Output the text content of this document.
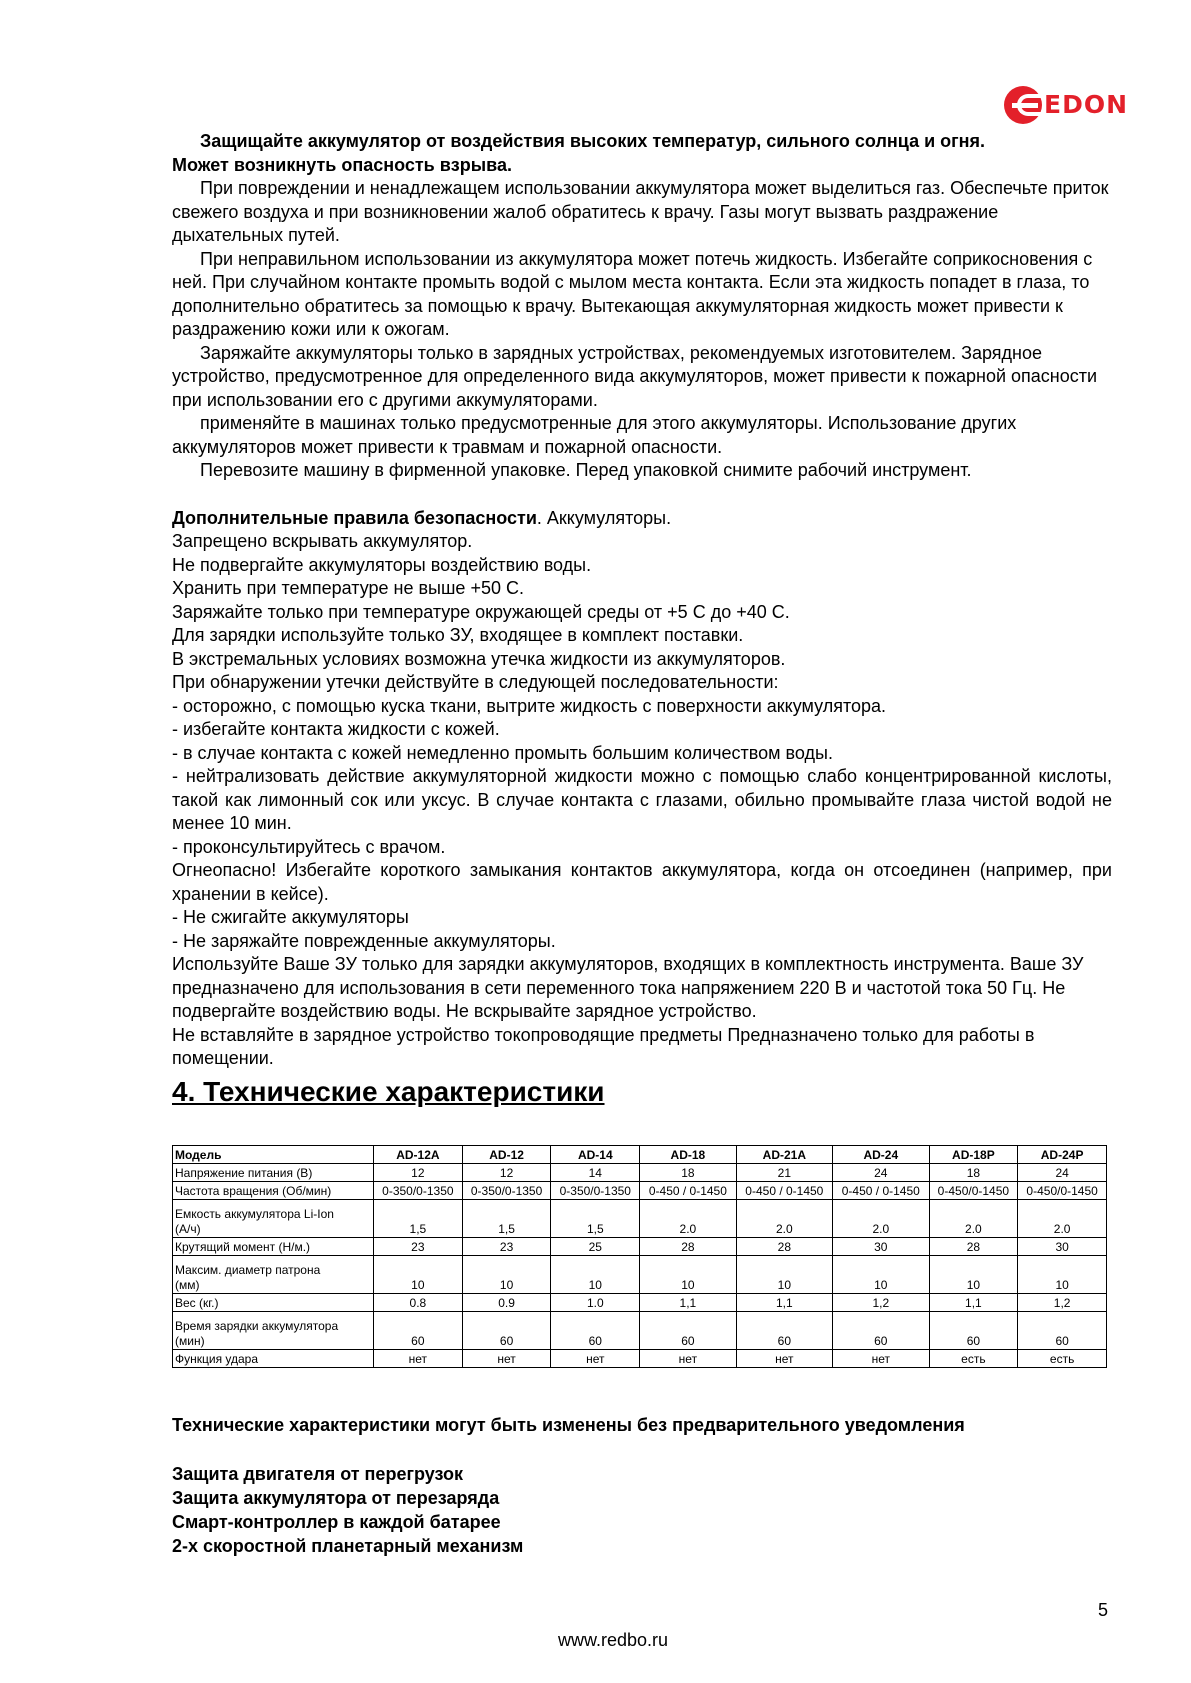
EDON

Защищайте аккумулятор от воздействия высоких температур, сильного солнца и огня.

Может возникнуть опасность взрыва.

При повреждении и ненадлежащем использовании аккумулятора может выделиться газ. Обеспечьте приток свежего воздуха и при возникновении жалоб обратитесь к врачу. Газы могут вызвать раздражение дыхательных путей.

При неправильном использовании из аккумулятора может потечь жидкость. Избегайте соприкосновения с ней. При случайном контакте промыть водой с мылом места контакта. Если эта жидкость попадет в глаза, то дополнительно обратитесь за помощью к врачу. Вытекающая аккумуляторная жидкость может привести к раздражению кожи или к ожогам.

Заряжайте аккумуляторы только в зарядных устройствах, рекомендуемых изготовителем. Зарядное устройство, предусмотренное для определенного вида аккумуляторов, может привести к пожарной опасности при использовании его с другими аккумуляторами.

применяйте в машинах только предусмотренные для этого аккумуляторы. Использование других аккумуляторов может привести к травмам и пожарной опасности.

Перевозите машину в фирменной упаковке. Перед упаковкой снимите рабочий инструмент.

Дополнительные правила безопасности. Аккумуляторы.

Запрещено вскрывать аккумулятор.

Не подвергайте аккумуляторы воздействию воды.

Хранить при температуре не выше +50 С.

Заряжайте только при температуре окружающей среды от +5 С до +40 С.

Для зарядки используйте только ЗУ, входящее в комплект поставки.

В экстремальных условиях возможна утечка жидкости из аккумуляторов.

При обнаружении утечки действуйте в следующей последовательности:

- осторожно, с помощью куска ткани, вытрите жидкость с поверхности аккумулятора.

- избегайте контакта жидкости с кожей.

- в случае контакта с кожей немедленно промыть большим количеством воды.

- нейтрализовать действие аккумуляторной жидкости можно с помощью слабо концентрированной кислоты, такой как лимонный сок или уксус. В случае контакта с глазами, обильно промывайте глаза чистой водой не менее 10 мин.

- проконсультируйтесь с врачом.

Огнеопасно! Избегайте короткого замыкания контактов аккумулятора, когда он отсоединен (например, при хранении в кейсе).

- Не сжигайте аккумуляторы

- Не заряжайте поврежденные аккумуляторы.

Используйте Ваше ЗУ только для зарядки аккумуляторов, входящих в комплектность инструмента. Ваше ЗУ предназначено для использования в сети переменного тока напряжением 220 В и частотой тока 50 Гц. Не подвергайте воздействию воды. Не вскрывайте зарядное устройство.

Не вставляйте в зарядное устройство токопроводящие предметы Предназначено только для работы в помещении.

4. Технические характеристики
Модель	AD-12A	AD-12	AD-14	AD-18	AD-21A	AD-24	AD-18P	AD-24P
Напряжение питания (В)	12	12	14	18	21	24	18	24
Частота вращения (Об/мин)	0-350/0-1350	0-350/0-1350	0-350/0-1350	0-450 / 0-1450	0-450 / 0-1450	0-450 / 0-1450	0-450/0-1450	0-450/0-1450

Емкость аккумулятора Li-Ion
(А/ч)	1,5	1,5	1,5	2.0	2.0	2.0	2.0	2.0
Крутящий момент (Н/м.)	23	23	25	28	28	30	28	30

Максим. диаметр патрона
(мм)	10	10	10	10	10	10	10	10
Вес (кг.)	0.8	0.9	1.0	1,1	1,1	1,2	1,1	1,2

Время зарядки аккумулятора
(мин)	60	60	60	60	60	60	60	60
Функция удара	нет	нет	нет	нет	нет	нет	есть	есть

Технические характеристики могут быть изменены без предварительного уведомления

Защита двигателя от перегрузок
Защита аккумулятора от перезаряда
Смарт-контроллер в каждой батарее
2-х скоростной планетарный механизм
5
www.redbo.ru
